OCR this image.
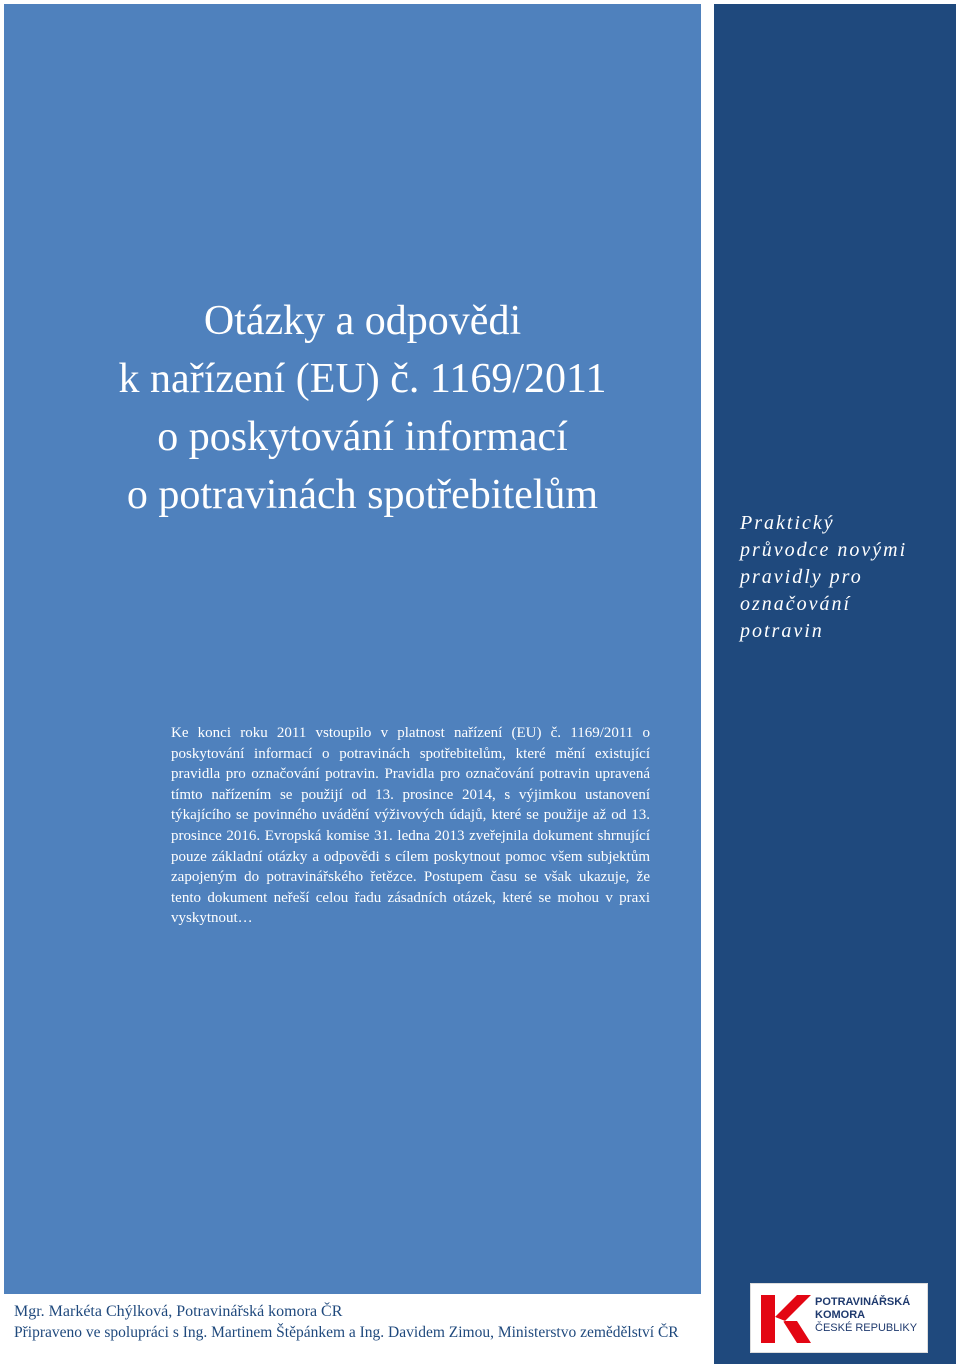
Otázky a odpovědi
k nařízení (EU) č. 1169/2011
o poskytování informací
o potravinách spotřebitelům
Praktický
průvodce novými
pravidly pro
označování
potravin

Ke konci roku 2011 vstoupilo v platnost nařízení (EU) č. 1169/2011 o poskytování informací o potravinách spotřebitelům, které mění existující pravidla pro označování potravin. Pravidla pro označování potravin upravená tímto nařízením se použijí od 13. prosince 2014, s výjimkou ustanovení týkajícího se povinného uvádění výživových údajů, které se použije až od 13. prosince 2016. Evropská komise 31. ledna 2013 zveřejnila dokument shrnující pouze základní otázky a odpovědi s cílem poskytnout pomoc všem subjektům zapojeným do potravinářského řetězce. Postupem času se však ukazuje, že tento dokument neřeší celou řadu zásadních otázek, které se mohou v praxi vyskytnout…

Mgr. Markéta Chýlková, Potravinářská komora ČR
Připraveno ve spolupráci s Ing. Martinem Štěpánkem a Ing. Davidem Zimou, Ministerstvo zemědělství ČR
POTRAVINÁŘSKÁ
KOMORA
ČESKÉ REPUBLIKY
